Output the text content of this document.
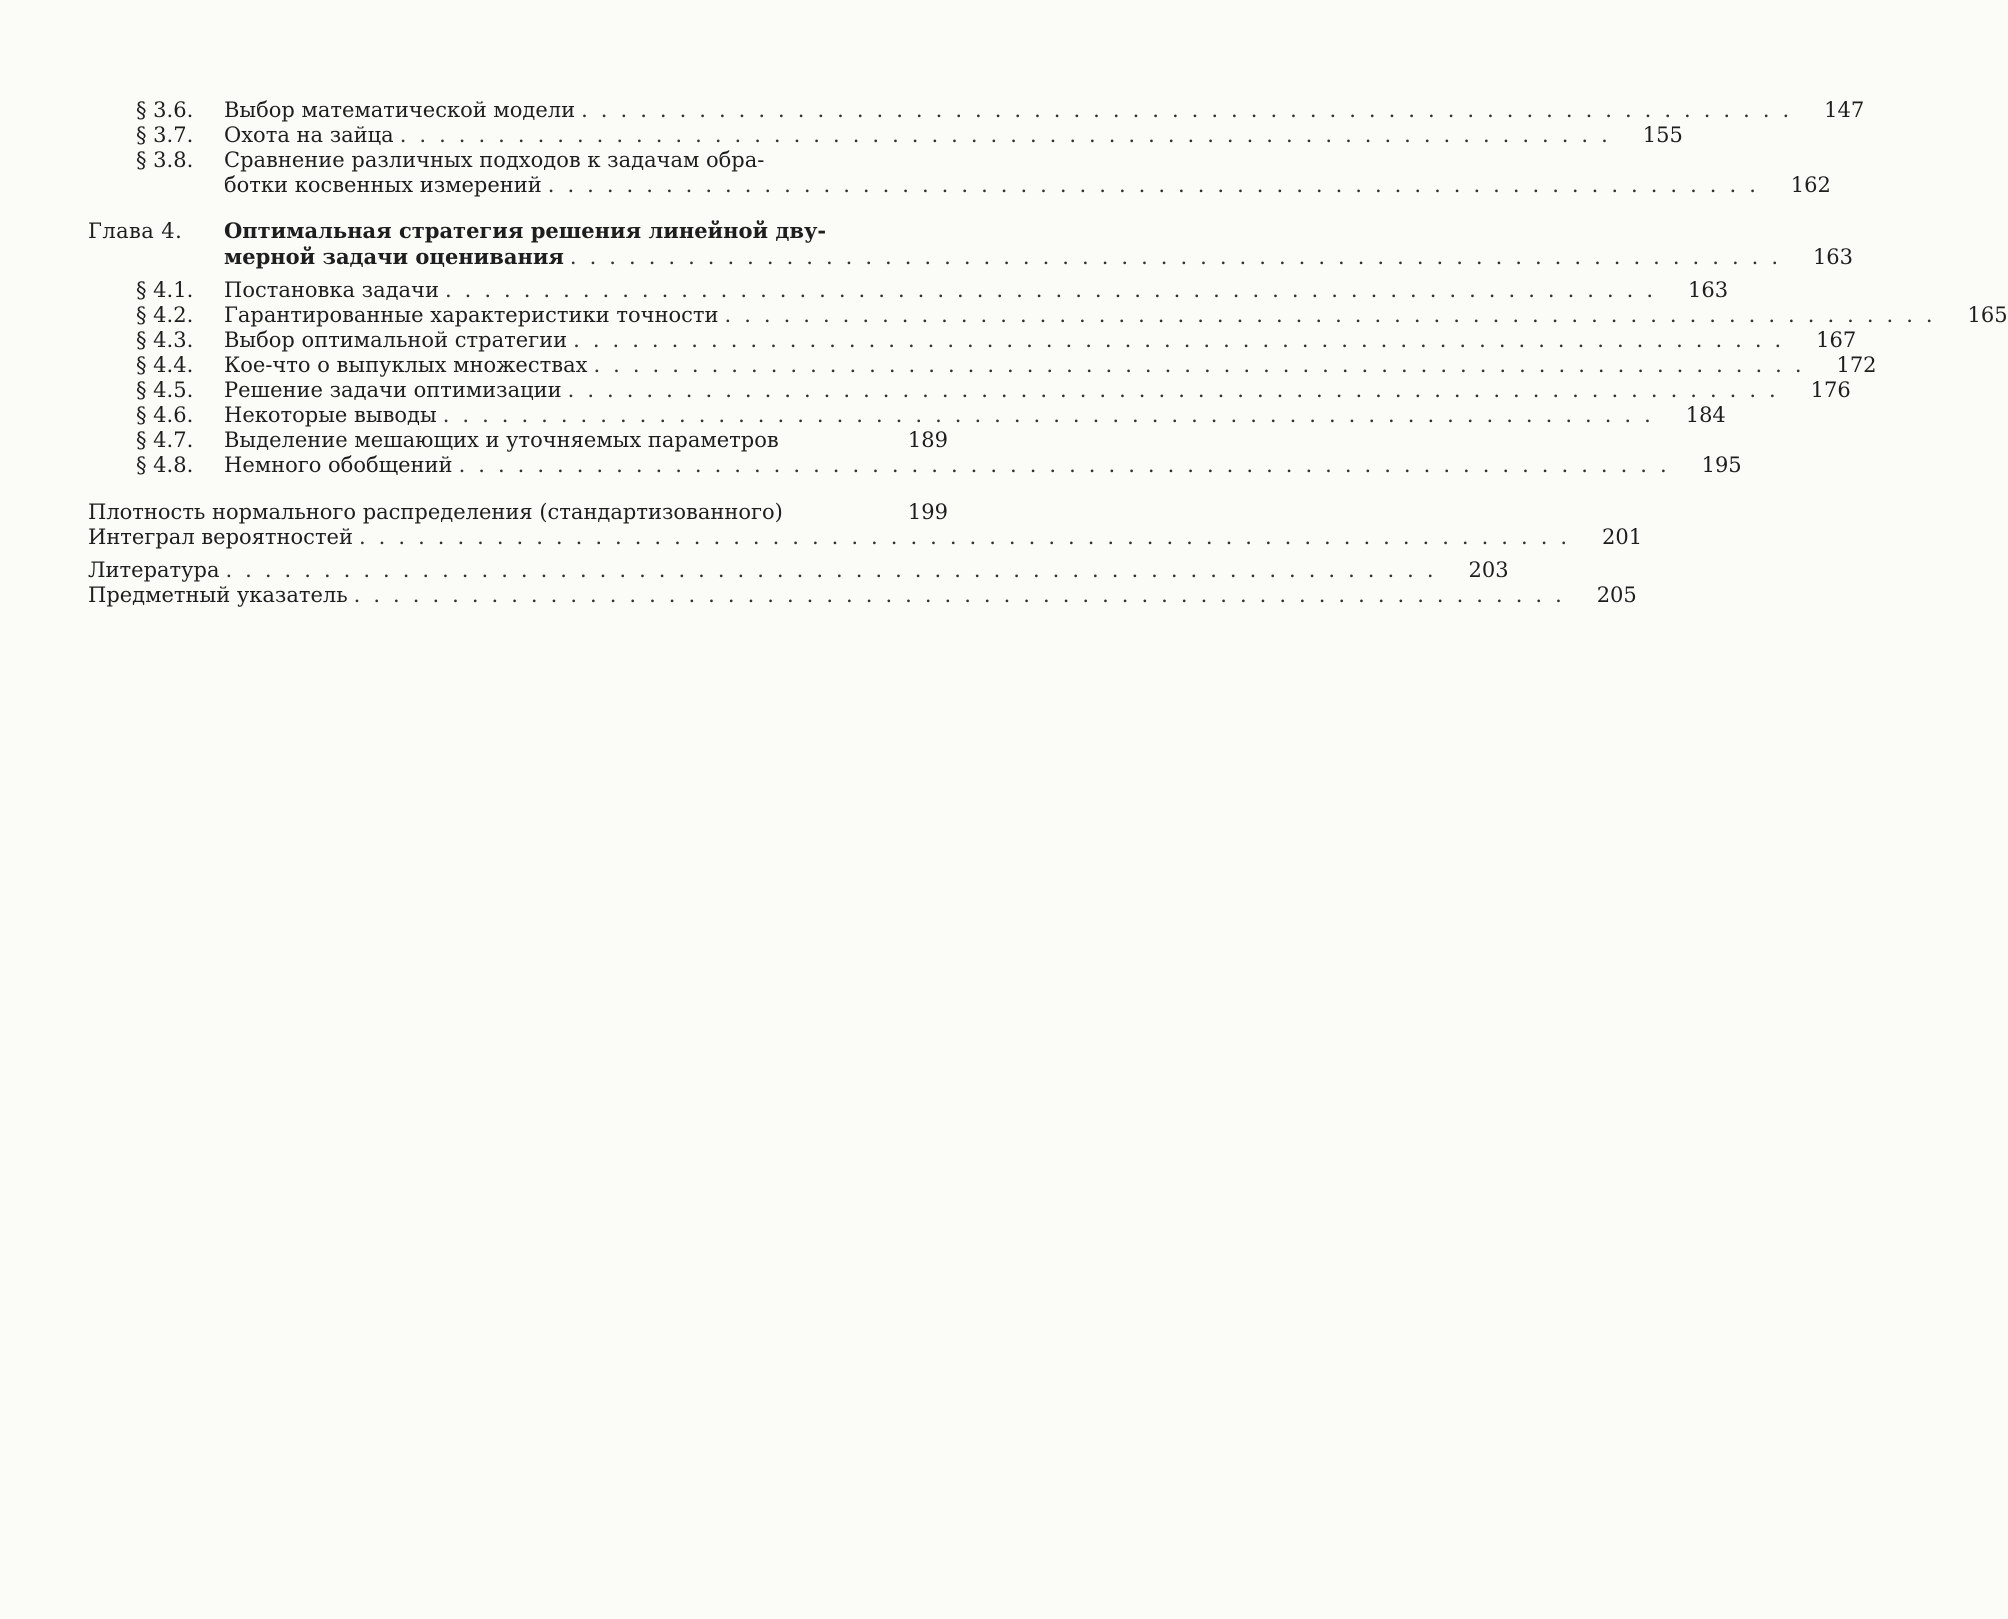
§ 3.6.	Выбор математической модели ..............................................................	147
§ 3.7.	Охота на зайца ..............................................................	155
§ 3.8.	Сравнение различных подходов к задачам обра-
ботки косвенных измерений ..............................................................	162
Глава 4.	Оптимальная стратегия решения линейной дву-
мерной задачи оценивания ..............................................................	163
§ 4.1.	Постановка задачи ..............................................................	163
§ 4.2.	Гарантированные характеристики точности ..............................................................	165
§ 4.3.	Выбор оптимальной стратегии ..............................................................	167
§ 4.4.	Кое-что о выпуклых множествах ..............................................................	172
§ 4.5.	Решение задачи оптимизации ..............................................................	176
§ 4.6.	Некоторые выводы ..............................................................	184
§ 4.7.	Выделение мешающих и уточняемых параметров	189
§ 4.8.	Немного обобщений ..............................................................	195
Плотность нормального распределения (стандартизованного)	199
Интеграл вероятностей ..............................................................	201
Литература ..............................................................	203
Предметный указатель ..............................................................	205
